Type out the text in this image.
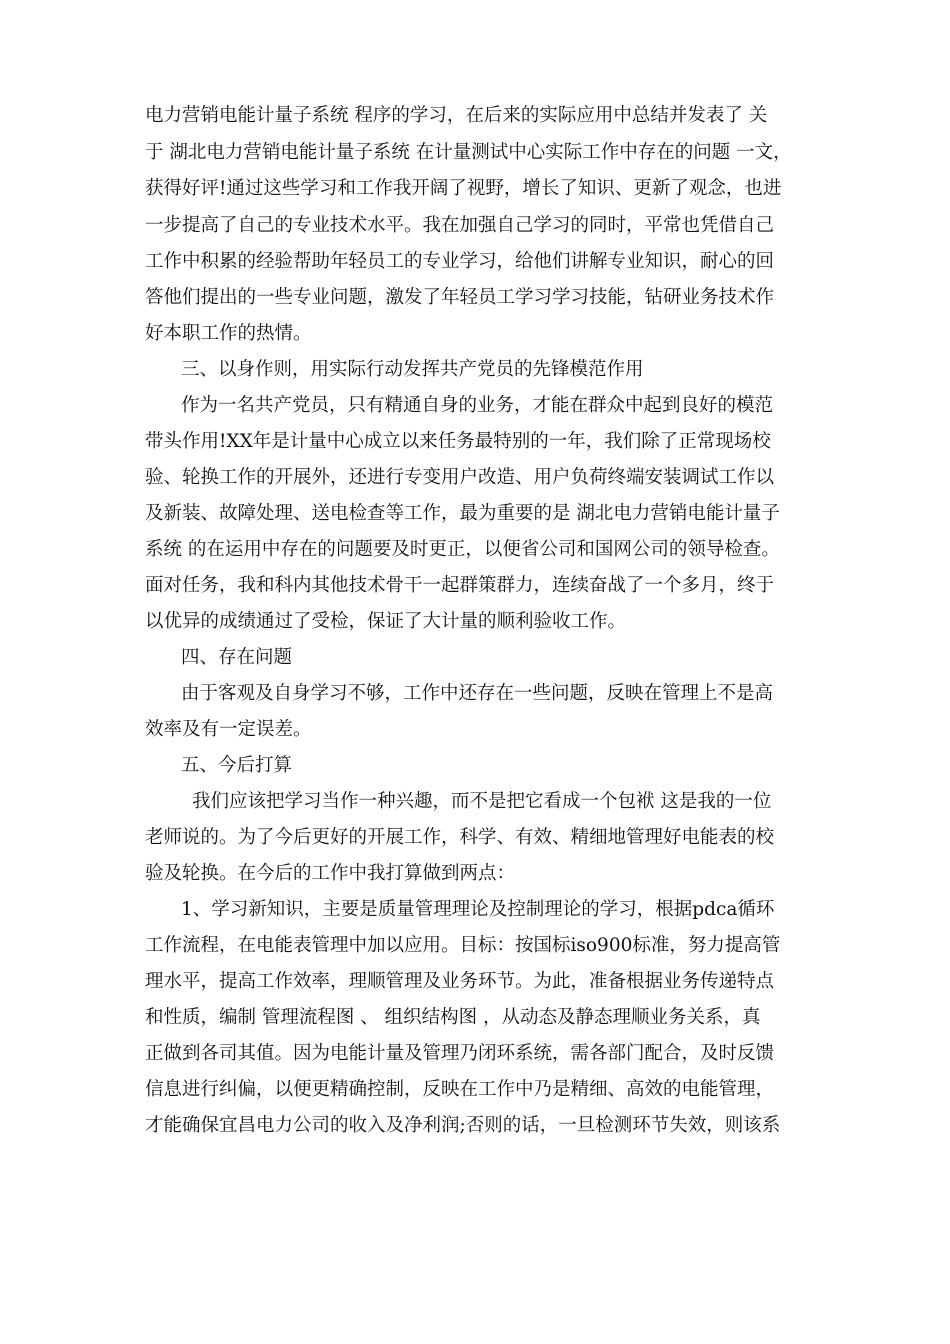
电力营销电能计量子系统 程序的学习，在后来的实际应用中总结并发表了 关
于 湖北电力营销电能计量子系统 在计量测试中心实际工作中存在的问题 一文，
获得好评!通过这些学习和工作我开阔了视野，增长了知识、更新了观念，也进
一步提高了自己的专业技术水平。我在加强自己学习的同时，平常也凭借自己
工作中积累的经验帮助年轻员工的专业学习，给他们讲解专业知识，耐心的回
答他们提出的一些专业问题，激发了年轻员工学习学习技能，钻研业务技术作
好本职工作的热情。
三、以身作则，用实际行动发挥共产党员的先锋模范作用
作为一名共产党员，只有精通自身的业务，才能在群众中起到良好的模范
带头作用!XX年是计量中心成立以来任务最特别的一年，我们除了正常现场校
验、轮换工作的开展外，还进行专变用户改造、用户负荷终端安装调试工作以
及新装、故障处理、送电检查等工作，最为重要的是 湖北电力营销电能计量子
系统 的在运用中存在的问题要及时更正，以便省公司和国网公司的领导检查。
面对任务，我和科内其他技术骨干一起群策群力，连续奋战了一个多月，终于
以优异的成绩通过了受检，保证了大计量的顺利验收工作。
四、存在问题
由于客观及自身学习不够，工作中还存在一些问题，反映在管理上不是高
效率及有一定误差。
五、今后打算
我们应该把学习当作一种兴趣，而不是把它看成一个包袱 这是我的一位
老师说的。为了今后更好的开展工作，科学、有效、精细地管理好电能表的校
验及轮换。在今后的工作中我打算做到两点：
1、学习新知识，主要是质量管理理论及控制理论的学习，根据pdca循环
工作流程，在电能表管理中加以应用。目标：按国标iso900标准，努力提高管
理水平，提高工作效率，理顺管理及业务环节。为此，准备根据业务传递特点
和性质，编制 管理流程图 、 组织结构图 ，从动态及静态理顺业务关系，真
正做到各司其值。因为电能计量及管理乃闭环系统，需各部门配合，及时反馈
信息进行纠偏，以便更精确控制，反映在工作中乃是精细、高效的电能管理，
才能确保宜昌电力公司的收入及净利润;否则的话，一旦检测环节失效，则该系
